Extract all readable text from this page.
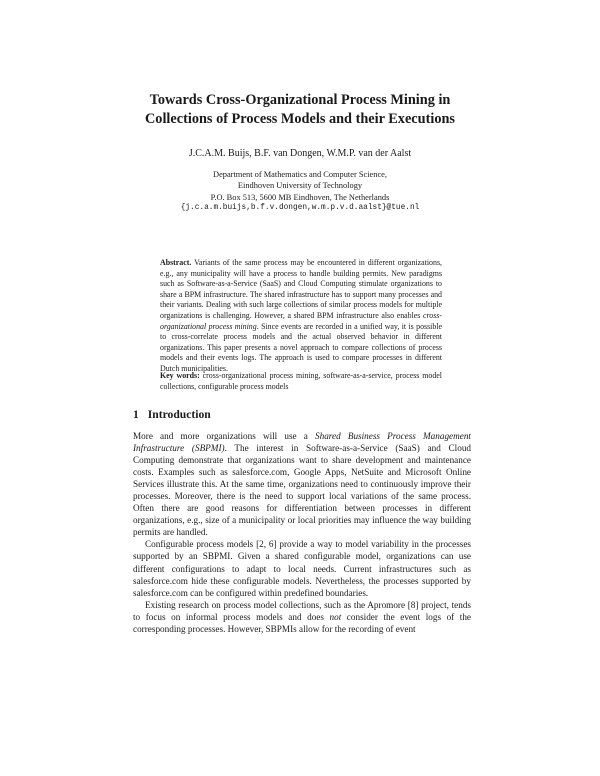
Towards Cross-Organizational Process Mining in
Collections of Process Models and their Executions
J.C.A.M. Buijs, B.F. van Dongen, W.M.P. van der Aalst
Department of Mathematics and Computer Science,
Eindhoven University of Technology
P.O. Box 513, 5600 MB Eindhoven, The Netherlands
{j.c.a.m.buijs,b.f.v.dongen,w.m.p.v.d.aalst}@tue.nl
Abstract. Variants of the same process may be encountered in different organizations, e.g., any municipality will have a process to handle building permits. New paradigms such as Software-as-a-Service (SaaS) and Cloud Computing stimulate organizations to share a BPM infrastructure. The shared infrastructure has to support many processes and their variants. Dealing with such large collections of similar process models for multiple organizations is challenging. However, a shared BPM infrastructure also enables cross-organizational process mining. Since events are recorded in a unified way, it is possible to cross-correlate process models and the actual observed behavior in different organizations. This paper presents a novel approach to compare collections of process models and their events logs. The approach is used to compare processes in different Dutch municipalities.
Key words: cross-organizational process mining, software-as-a-service, process model collections, configurable process models
1 Introduction

More and more organizations will use a Shared Business Process Management Infrastructure (SBPMI). The interest in Software-as-a-Service (SaaS) and Cloud Computing demonstrate that organizations want to share development and maintenance costs. Examples such as salesforce.com, Google Apps, NetSuite and Microsoft Online Services illustrate this. At the same time, organizations need to continuously improve their processes. Moreover, there is the need to support local variations of the same process. Often there are good reasons for differentiation between processes in different organizations, e.g., size of a municipality or local priorities may influence the way building permits are handled.

Configurable process models [2, 6] provide a way to model variability in the processes supported by an SBPMI. Given a shared configurable model, organizations can use different configurations to adapt to local needs. Current infrastructures such as salesforce.com hide these configurable models. Nevertheless, the processes supported by salesforce.com can be configured within predefined boundaries.

Existing research on process model collections, such as the Apromore [8] project, tends to focus on informal process models and does not consider the event logs of the corresponding processes. However, SBPMIs allow for the recording of event
